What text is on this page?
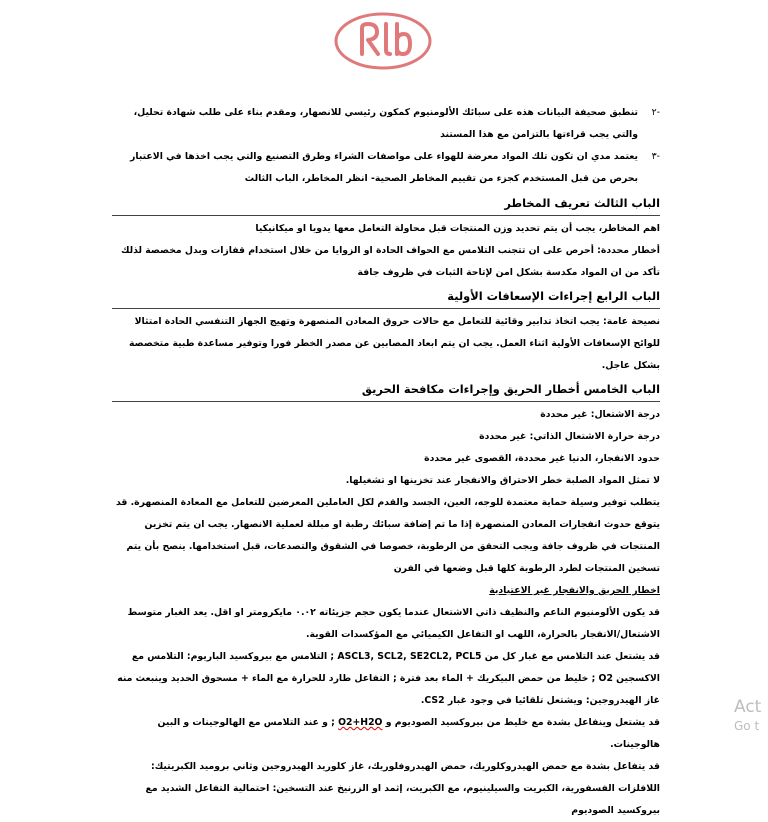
-٢
تنطبق صحيفة البيانات هذه على سبائك الألومنيوم كمكون رئيسي للانصهار، ومقدم بناء على طلب شهادة تحليل، والتي يجب قراءتها بالتزامن مع هذا المستند
-٣
يعتمد مدي ان تكون تلك المواد معرضة للهواء على مواصفات الشراء وطرق التصنيع والتي يجب اخذها في الاعتبار بحرص من قبل المستخدم كجزء من تقييم المخاطر الصحية- انظر المخاطر، الباب الثالث
الباب الثالث تعريف المخاطر

اهم المخاطر، يجب أن يتم تحديد وزن المنتجات قبل محاولة التعامل معها يدويا او ميكانيكيا

أخطار محددة: أحرص على ان تتجنب التلامس مع الحواف الحادة او الزوايا من خلال استخدام قفازات وبدل مخصصة لذلك

تأكد من ان المواد مكدسة بشكل امن لإتاحة الثبات في ظروف جافة

الباب الرابع إجراءات الإسعافات الأولية

نصيحة عامة: يجب اتخاذ تدابير وقائية للتعامل مع حالات حروق المعادن المنصهرة وتهيج الجهاز التنفسي الحادة امتثالا للوائح الإسعافات الأولية اثناء العمل. يجب ان يتم ابعاد المصابين عن مصدر الخطر فورا وتوفير مساعدة طبية متخصصة بشكل عاجل.

الباب الخامس أخطار الحريق وإجراءات مكافحة الحريق

درجة الاشتعال: غير محددة

درجة حرارة الاشتعال الذاتي: غير محددة

حدود الانفجار، الدنيا غير محددة، القصوى غير محددة

لا تمثل المواد الصلبة خطر الاحتراق والانفجار عند تخزينها او تشغيلها.

يتطلب توفير وسيلة حماية معتمدة للوجه، العين، الجسد والقدم لكل العاملين المعرضين للتعامل مع المعادة المنصهرة. قد يتوقع حدوث انفجارات المعادن المنصهرة إذا ما تم إضافة سبائك رطبة او مبللة لعملية الانصهار. يجب ان يتم تخزين المنتجات في ظروف جافة ويجب التحقق من الرطوبة، خصوصا في الشقوق والتصدعات، قبل استخدامها. ينصح بأن يتم تسخين المنتجات لطرد الرطوبة كلها قبل وضعها في الفرن

اخطار الحريق والانفجار غير الاعتيادية

قد يكون الألومنيوم الناعم والنظيف ذاتي الاشتعال عندما يكون حجم جزيئاته ٠.٠٢ مايكرومتر او اقل. يعد الغبار متوسط الاشتعال/الانفجار بالحرارة، اللهب او التفاعل الكيميائي مع المؤكسدات القوية.

قد يشتعل عند التلامس مع غبار كل من ASCL3, SCL2, SE2CL2, PCL5 ; التلامس مع بيروكسيد الباريوم: التلامس مع الاكسجين O2 ; خليط من حمض البيكريك + الماء بعد فترة ; التفاعل طارد للحرارة مع الماء + مسحوق الحديد وينبعث منه غاز الهيدروجين: ويشتعل تلقائيا في وجود غبار CS2.

قد يشتعل وينفاعل بشدة مع خليط من بيروكسيد الصوديوم و O2+H2O ; و عند التلامس مع الهالوجينات و البين هالوجينات.

قد يتفاعل بشدة مع حمض الهيدروكلوريك، حمض الهيدروفلوريك، غاز كلوريد الهيدروجين وثاني بروميد الكبريتيك: اللافلزات الفسفورية، الكبريت والسيلينيوم، مع الكبريت، إثمد او الزرنيخ عند التسخين: احتمالية التفاعل الشديد مع بيروكسيد الصوديوم

Act
Go t
